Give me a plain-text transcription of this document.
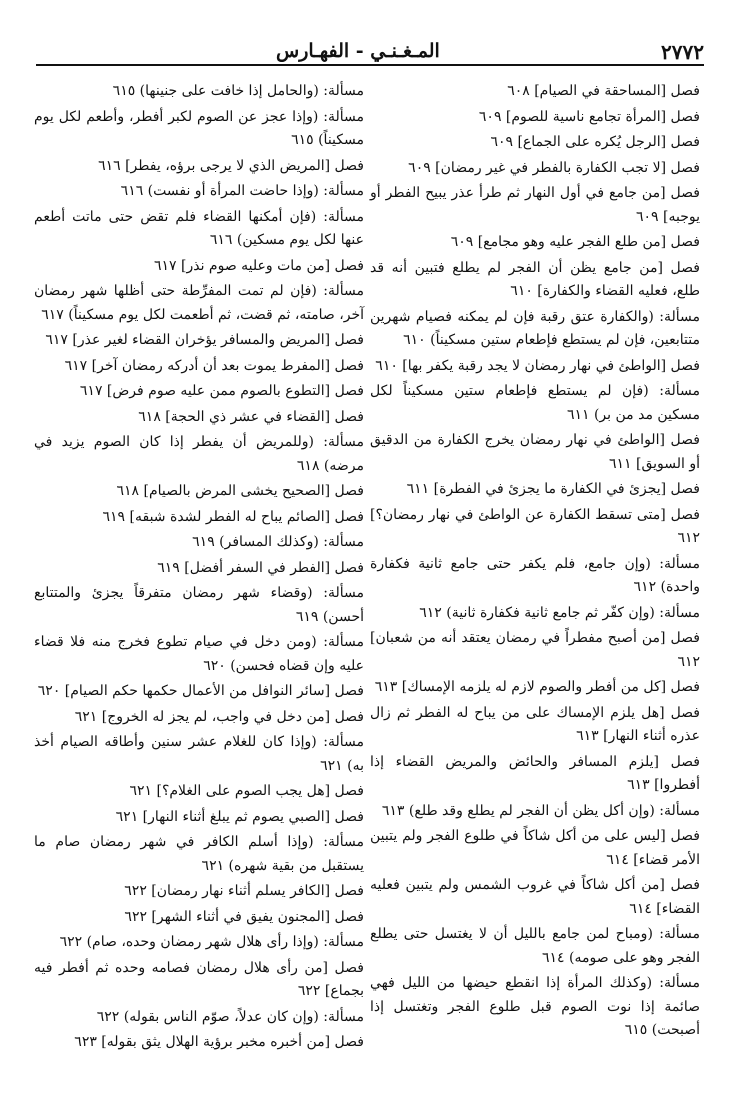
٢٧٧٢
المـغـنـي - الفهـارس
فصل [المساحقة في الصيام] ٦٠٨
فصل [المرأة تجامع ناسية للصوم] ٦٠٩
فصل [الرجل يُكره على الجماع] ٦٠٩
فصل [لا تجب الكفارة بالفطر في غير رمضان] ٦٠٩
فصل [من جامع في أول النهار ثم طرأ عذر يبيح الفطر أو يوجبه] ٦٠٩
فصل [من طلع الفجر عليه وهو مجامع] ٦٠٩
فصل [من جامع يظن أن الفجر لم يطلع فتبين أنه قد طلع، فعليه القضاء والكفارة] ٦١٠
مسألة: (والكفارة عتق رقبة فإن لم يمكنه فصيام شهرين متتابعين، فإن لم يستطع فإطعام ستين مسكيناً) ٦١٠
فصل [الواطئ في نهار رمضان لا يجد رقبة يكفر بها] ٦١٠
مسألة: (فإن لم يستطع فإطعام ستين مسكيناً لكل مسكين مد من بر) ٦١١
فصل [الواطئ في نهار رمضان يخرج الكفارة من الدقيق أو السويق] ٦١١
فصل [يجزئ في الكفارة ما يجزئ في الفطرة] ٦١١
فصل [متى تسقط الكفارة عن الواطئ في نهار رمضان؟] ٦١٢
مسألة: (وإن جامع، فلم يكفر حتى جامع ثانية فكفارة واحدة) ٦١٢
مسألة: (وإن كفّر ثم جامع ثانية فكفارة ثانية) ٦١٢
فصل [من أصبح مفطراً في رمضان يعتقد أنه من شعبان] ٦١٢
فصل [كل من أفطر والصوم لازم له يلزمه الإمساك] ٦١٣
فصل [هل يلزم الإمساك على من يباح له الفطر ثم زال عذره أثناء النهار] ٦١٣
فصل [يلزم المسافر والحائض والمريض القضاء إذا أفطروا] ٦١٣
مسألة: (وإن أكل يظن أن الفجر لم يطلع وقد طلع) ٦١٣
فصل [ليس على من أكل شاكاً في طلوع الفجر ولم يتبين الأمر قضاء] ٦١٤
فصل [من أكل شاكاً في غروب الشمس ولم يتبين فعليه القضاء] ٦١٤
مسألة: (ومباح لمن جامع بالليل أن لا يغتسل حتى يطلع الفجر وهو على صومه) ٦١٤
مسألة: (وكذلك المرأة إذا انقطع حيضها من الليل فهي صائمة إذا نوت الصوم قبل طلوع الفجر وتغتسل إذا أصبحت) ٦١٥
مسألة: (والحامل إذا خافت على جنينها) ٦١٥
مسألة: (وإذا عجز عن الصوم لكبر أفطر، وأطعم لكل يوم مسكيناً) ٦١٥
فصل [المريض الذي لا يرجى برؤه، يفطر] ٦١٦
مسألة: (وإذا حاضت المرأة أو نفست) ٦١٦
مسألة: (فإن أمكنها القضاء فلم تقض حتى ماتت أطعم عنها لكل يوم مسكين) ٦١٦
فصل [من مات وعليه صوم نذر] ٦١٧
مسألة: (فإن لم تمت المفرِّطة حتى أظلها شهر رمضان آخر، صامته، ثم قضت، ثم أطعمت لكل يوم مسكيناً) ٦١٧
فصل [المريض والمسافر يؤخران القضاء لغير عذر] ٦١٧
فصل [المفرط يموت بعد أن أدركه رمضان آخر] ٦١٧
فصل [التطوع بالصوم ممن عليه صوم فرض] ٦١٧
فصل [القضاء في عشر ذي الحجة] ٦١٨
مسألة: (وللمريض أن يفطر إذا كان الصوم يزيد في مرضه) ٦١٨
فصل [الصحيح يخشى المرض بالصيام] ٦١٨
فصل [الصائم يباح له الفطر لشدة شبقه] ٦١٩
مسألة: (وكذلك المسافر) ٦١٩
فصل [الفطر في السفر أفضل] ٦١٩
مسألة: (وقضاء شهر رمضان متفرقاً يجزئ والمتتابع أحسن) ٦١٩
مسألة: (ومن دخل في صيام تطوع فخرج منه فلا قضاء عليه وإن قضاه فحسن) ٦٢٠
فصل [سائر النوافل من الأعمال حكمها حكم الصيام] ٦٢٠
فصل [من دخل في واجب، لم يجز له الخروج] ٦٢١
مسألة: (وإذا كان للغلام عشر سنين وأطاقه الصيام أخذ به) ٦٢١
فصل [هل يجب الصوم على الغلام؟] ٦٢١
فصل [الصبي يصوم ثم يبلغ أثناء النهار] ٦٢١
مسألة: (وإذا أسلم الكافر في شهر رمضان صام ما يستقبل من بقية شهره) ٦٢١
فصل [الكافر يسلم أثناء نهار رمضان] ٦٢٢
فصل [المجنون يفيق في أثناء الشهر] ٦٢٢
مسألة: (وإذا رأى هلال شهر رمضان وحده، صام) ٦٢٢
فصل [من رأى هلال رمضان فصامه وحده ثم أفطر فيه بجماع] ٦٢٢
مسألة: (وإن كان عدلاً، صوّم الناس بقوله) ٦٢٢
فصل [من أخبره مخبر برؤية الهلال يثق بقوله] ٦٢٣
